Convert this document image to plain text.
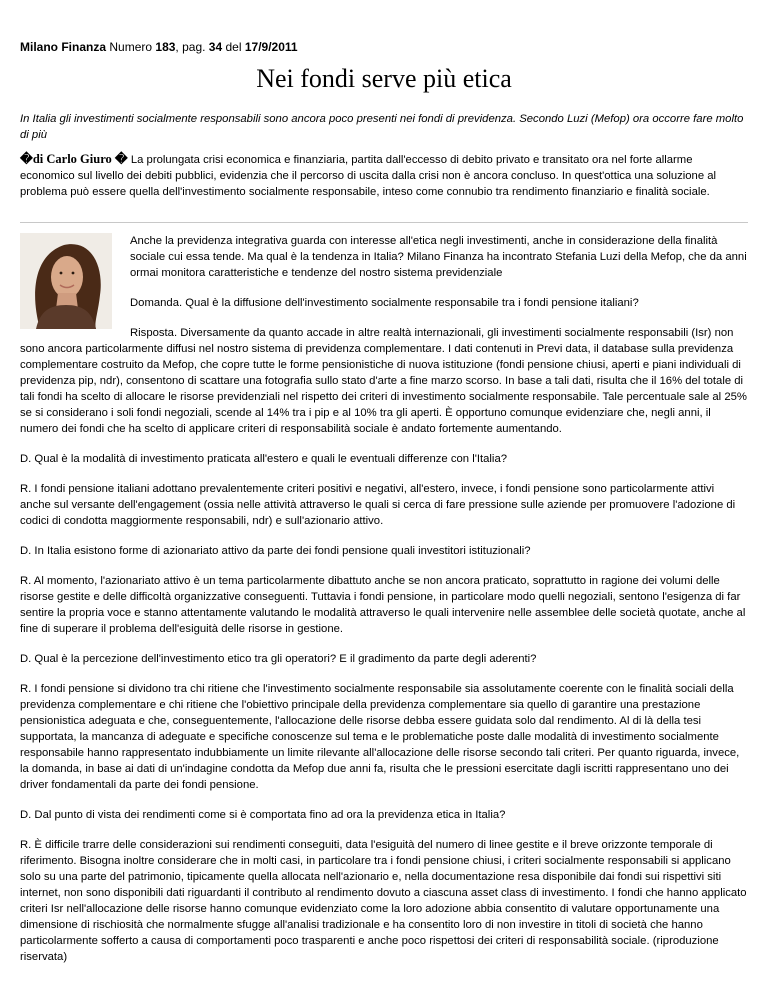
Milano Finanza Numero 183, pag. 34 del 17/9/2011
Nei fondi serve più etica
In Italia gli investimenti socialmente responsabili sono ancora poco presenti nei fondi di previdenza. Secondo Luzi (Mefop) ora occorre fare molto di più
�di Carlo Giuro � La prolungata crisi economica e finanziaria, partita dall'eccesso di debito privato e transitato ora nel forte allarme economico sul livello dei debiti pubblici, evidenzia che il percorso di uscita dalla crisi non è ancora concluso. In quest'ottica una soluzione al problema può essere quella dell'investimento socialmente responsabile, inteso come connubio tra rendimento finanziario e finalità sociale.

Anche la previdenza integrativa guarda con interesse all'etica negli investimenti, anche in considerazione della finalità sociale cui essa tende. Ma qual è la tendenza in Italia? Milano Finanza ha incontrato Stefania Luzi della Mefop, che da anni ormai monitora caratteristiche e tendenze del nostro sistema previdenziale

Domanda. Qual è la diffusione dell'investimento socialmente responsabile tra i fondi pensione italiani?

Risposta. Diversamente da quanto accade in altre realtà internazionali, gli investimenti socialmente responsabili (Isr) non sono ancora particolarmente diffusi nel nostro sistema di previdenza complementare. I dati contenuti in Previ data, il database sulla previdenza complementare costruito da Mefop, che copre tutte le forme pensionistiche di nuova istituzione (fondi pensione chiusi, aperti e piani individuali di previdenza pip, ndr), consentono di scattare una fotografia sullo stato d'arte a fine marzo scorso. In base a tali dati, risulta che il 16% del totale di tali fondi ha scelto di allocare le risorse previdenziali nel rispetto dei criteri di investimento socialmente responsabile. Tale percentuale sale al 25% se si considerano i soli fondi negoziali, scende al 14% tra i pip e al 10% tra gli aperti. È opportuno comunque evidenziare che, negli anni, il numero dei fondi che ha scelto di applicare criteri di responsabilità sociale è andato fortemente aumentando.

D. Qual è la modalità di investimento praticata all'estero e quali le eventuali differenze con l'Italia?

R. I fondi pensione italiani adottano prevalentemente criteri positivi e negativi, all'estero, invece, i fondi pensione sono particolarmente attivi anche sul versante dell'engagement (ossia nelle attività attraverso le quali si cerca di fare pressione sulle aziende per promuovere l'adozione di codici di condotta maggiormente responsabili, ndr) e sull'azionario attivo.

D. In Italia esistono forme di azionariato attivo da parte dei fondi pensione quali investitori istituzionali?

R. Al momento, l'azionariato attivo è un tema particolarmente dibattuto anche se non ancora praticato, soprattutto in ragione dei volumi delle risorse gestite e delle difficoltà organizzative conseguenti. Tuttavia i fondi pensione, in particolare modo quelli negoziali, sentono l'esigenza di far sentire la propria voce e stanno attentamente valutando le modalità attraverso le quali intervenire nelle assemblee delle società quotate, anche al fine di superare il problema dell'esiguità delle risorse in gestione.

D. Qual è la percezione dell'investimento etico tra gli operatori? E il gradimento da parte degli aderenti?

R. I fondi pensione si dividono tra chi ritiene che l'investimento socialmente responsabile sia assolutamente coerente con le finalità sociali della previdenza complementare e chi ritiene che l'obiettivo principale della previdenza complementare sia quello di garantire una prestazione pensionistica adeguata e che, conseguentemente, l'allocazione delle risorse debba essere guidata solo dal rendimento. Al di là della tesi supportata, la mancanza di adeguate e specifiche conoscenze sul tema e le problematiche poste dalle modalità di investimento socialmente responsabile hanno rappresentato indubbiamente un limite rilevante all'allocazione delle risorse secondo tali criteri. Per quanto riguarda, invece, la domanda, in base ai dati di un'indagine condotta da Mefop due anni fa, risulta che le pressioni esercitate dagli iscritti rappresentano uno dei driver fondamentali da parte dei fondi pensione.

D. Dal punto di vista dei rendimenti come si è comportata fino ad ora la previdenza etica in Italia?

R. È difficile trarre delle considerazioni sui rendimenti conseguiti, data l'esiguità del numero di linee gestite e il breve orizzonte temporale di riferimento. Bisogna inoltre considerare che in molti casi, in particolare tra i fondi pensione chiusi, i criteri socialmente responsabili si applicano solo su una parte del patrimonio, tipicamente quella allocata nell'azionario e, nella documentazione resa disponibile dai fondi sui rispettivi siti internet, non sono disponibili dati riguardanti il contributo al rendimento dovuto a ciascuna asset class di investimento. I fondi che hanno applicato criteri Isr nell'allocazione delle risorse hanno comunque evidenziato come la loro adozione abbia consentito di valutare opportunamente una dimensione di rischiosità che normalmente sfugge all'analisi tradizionale e ha consentito loro di non investire in titoli di società che hanno particolarmente sofferto a causa di comportamenti poco trasparenti e anche poco rispettosi dei criteri di responsabilità sociale. (riproduzione riservata)
